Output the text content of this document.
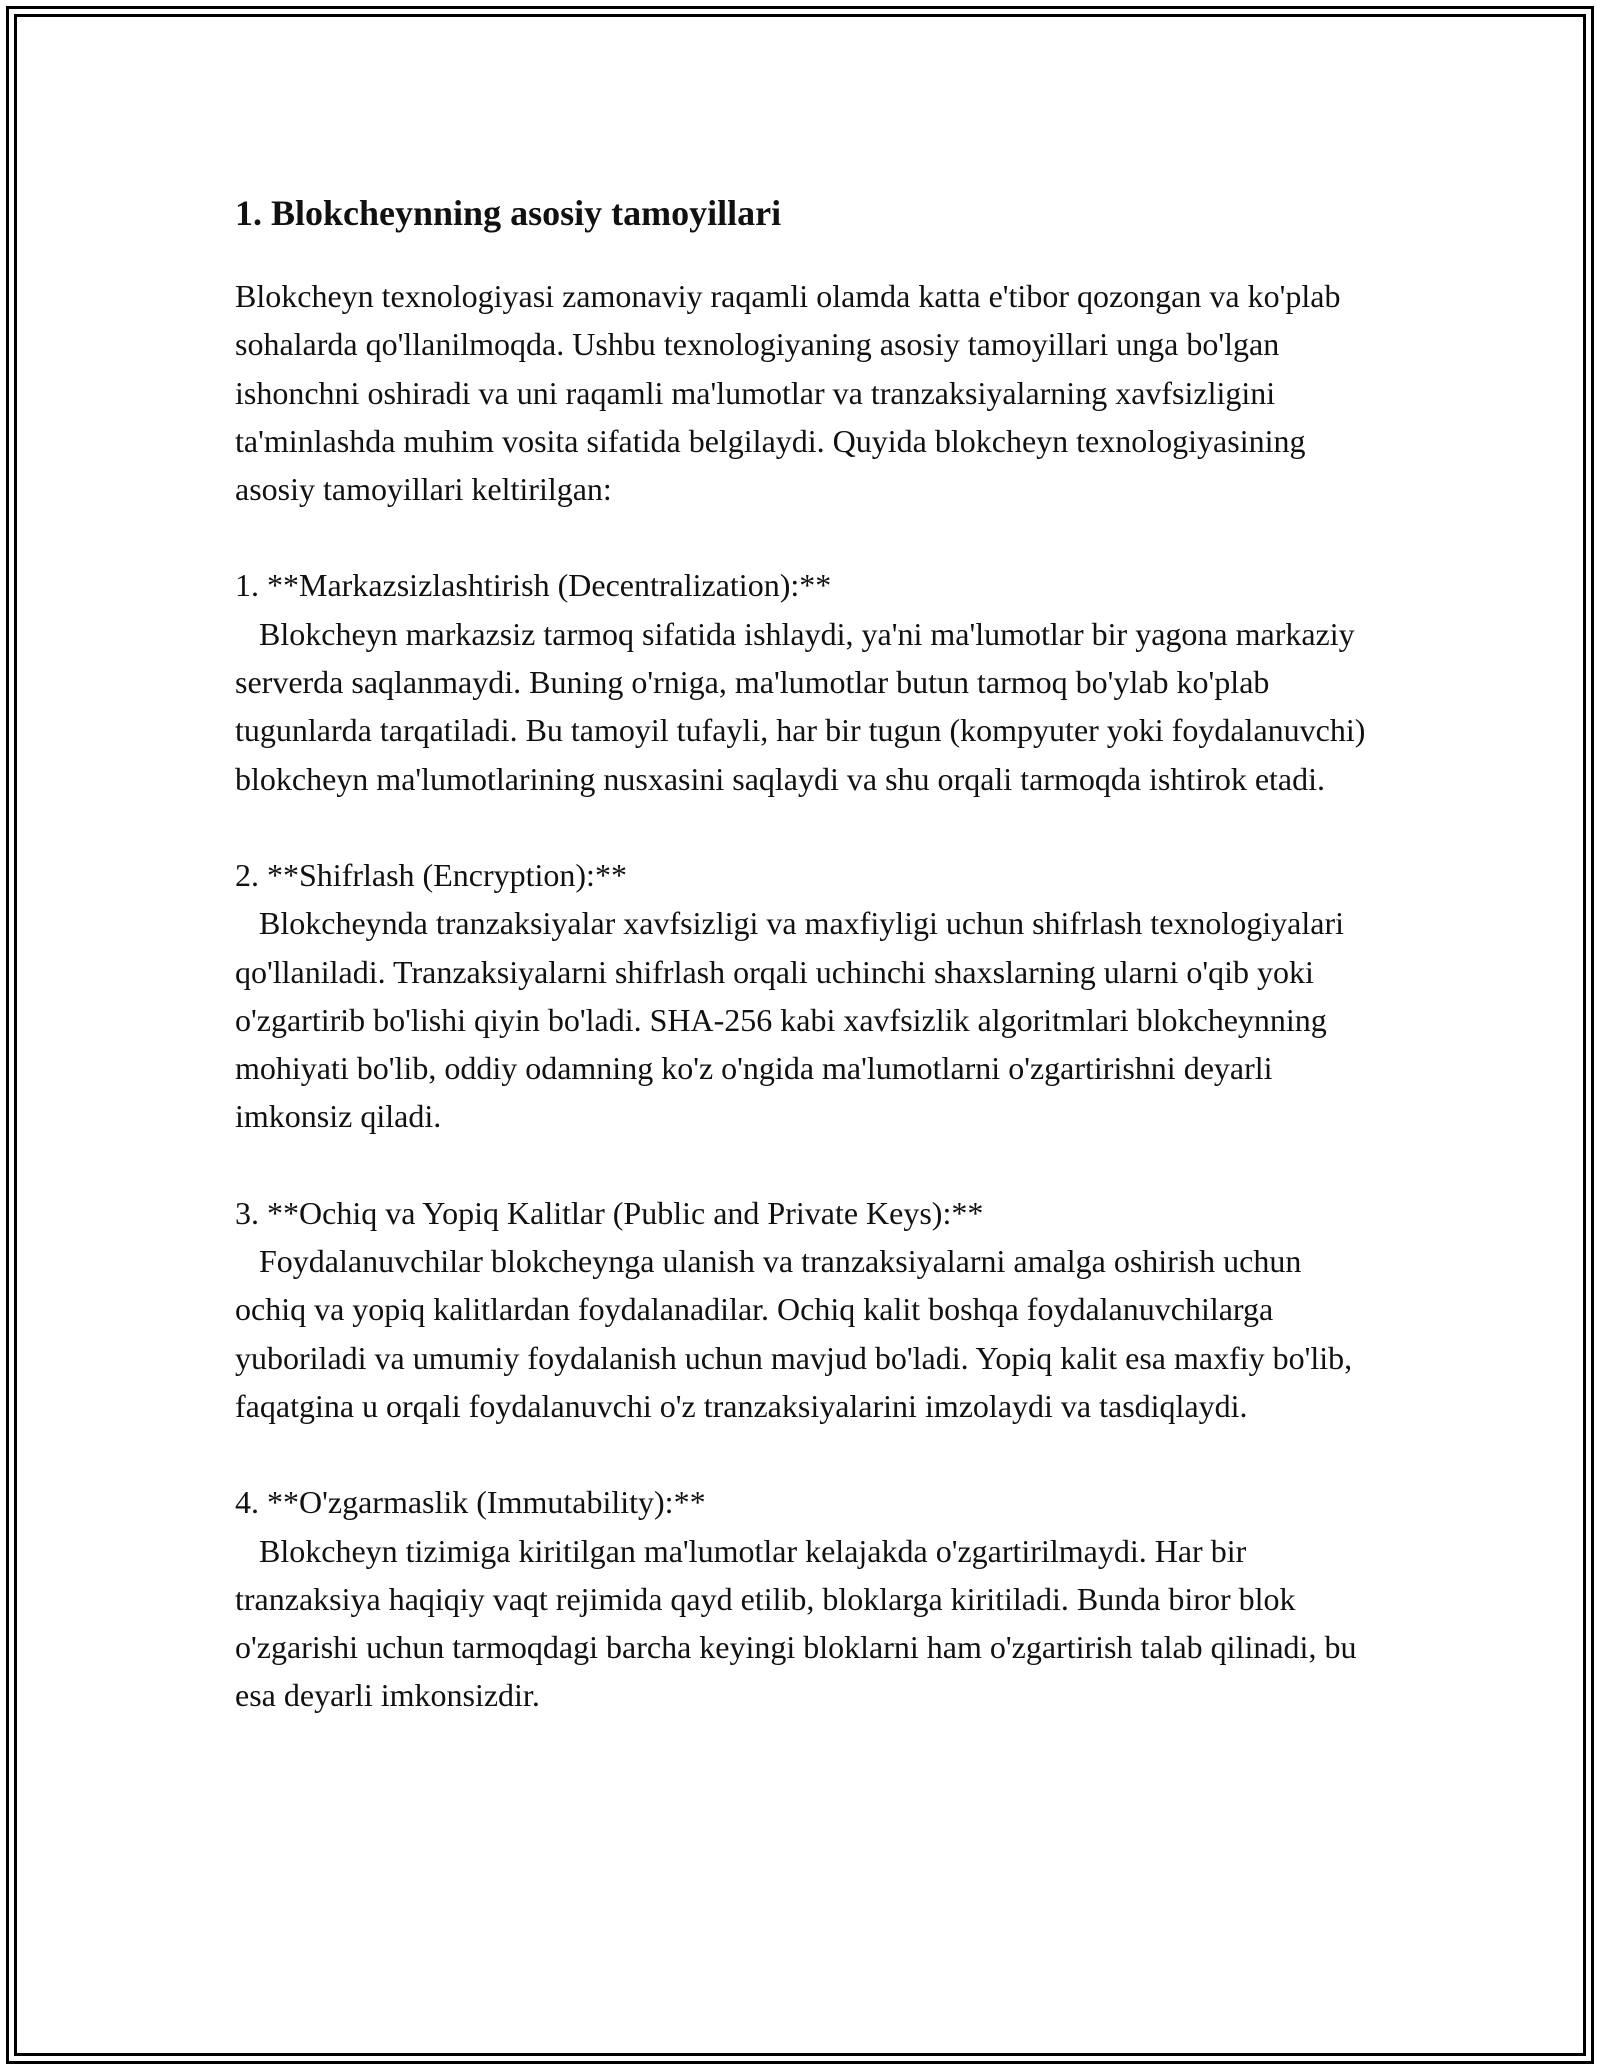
1. Blokcheynning asosiy tamoyillari

Blokcheyn texnologiyasi zamonaviy raqamli olamda katta e'tibor qozongan va ko'plab sohalarda qo'llanilmoqda. Ushbu texnologiyaning asosiy tamoyillari unga bo'lgan ishonchni oshiradi va uni raqamli ma'lumotlar va tranzaksiyalarning xavfsizligini ta'minlashda muhim vosita sifatida belgilaydi. Quyida blokcheyn texnologiyasining asosiy tamoyillari keltirilgan:

1. **Markazsizlashtirish (Decentralization):**
Blokcheyn markazsiz tarmoq sifatida ishlaydi, ya'ni ma'lumotlar bir yagona markaziy serverda saqlanmaydi. Buning o'rniga, ma'lumotlar butun tarmoq bo'ylab ko'plab tugunlarda tarqatiladi. Bu tamoyil tufayli, har bir tugun (kompyuter yoki foydalanuvchi) blokcheyn ma'lumotlarining nusxasini saqlaydi va shu orqali tarmoqda ishtirok etadi.

2. **Shifrlash (Encryption):**
Blokcheynda tranzaksiyalar xavfsizligi va maxfiyligi uchun shifrlash texnologiyalari qo'llaniladi. Tranzaksiyalarni shifrlash orqali uchinchi shaxslarning ularni o'qib yoki o'zgartirib bo'lishi qiyin bo'ladi. SHA-256 kabi xavfsizlik algoritmlari blokcheynning mohiyati bo'lib, oddiy odamning ko'z o'ngida ma'lumotlarni o'zgartirishni deyarli imkonsiz qiladi.

3. **Ochiq va Yopiq Kalitlar (Public and Private Keys):**
Foydalanuvchilar blokcheynga ulanish va tranzaksiyalarni amalga oshirish uchun ochiq va yopiq kalitlardan foydalanadilar. Ochiq kalit boshqa foydalanuvchilarga yuboriladi va umumiy foydalanish uchun mavjud bo'ladi. Yopiq kalit esa maxfiy bo'lib, faqatgina u orqali foydalanuvchi o'z tranzaksiyalarini imzolaydi va tasdiqlaydi.

4. **O'zgarmaslik (Immutability):**
Blokcheyn tizimiga kiritilgan ma'lumotlar kelajakda o'zgartirilmaydi. Har bir tranzaksiya haqiqiy vaqt rejimida qayd etilib, bloklarga kiritiladi. Bunda biror blok o'zgarishi uchun tarmoqdagi barcha keyingi bloklarni ham o'zgartirish talab qilinadi, bu esa deyarli imkonsizdir.
